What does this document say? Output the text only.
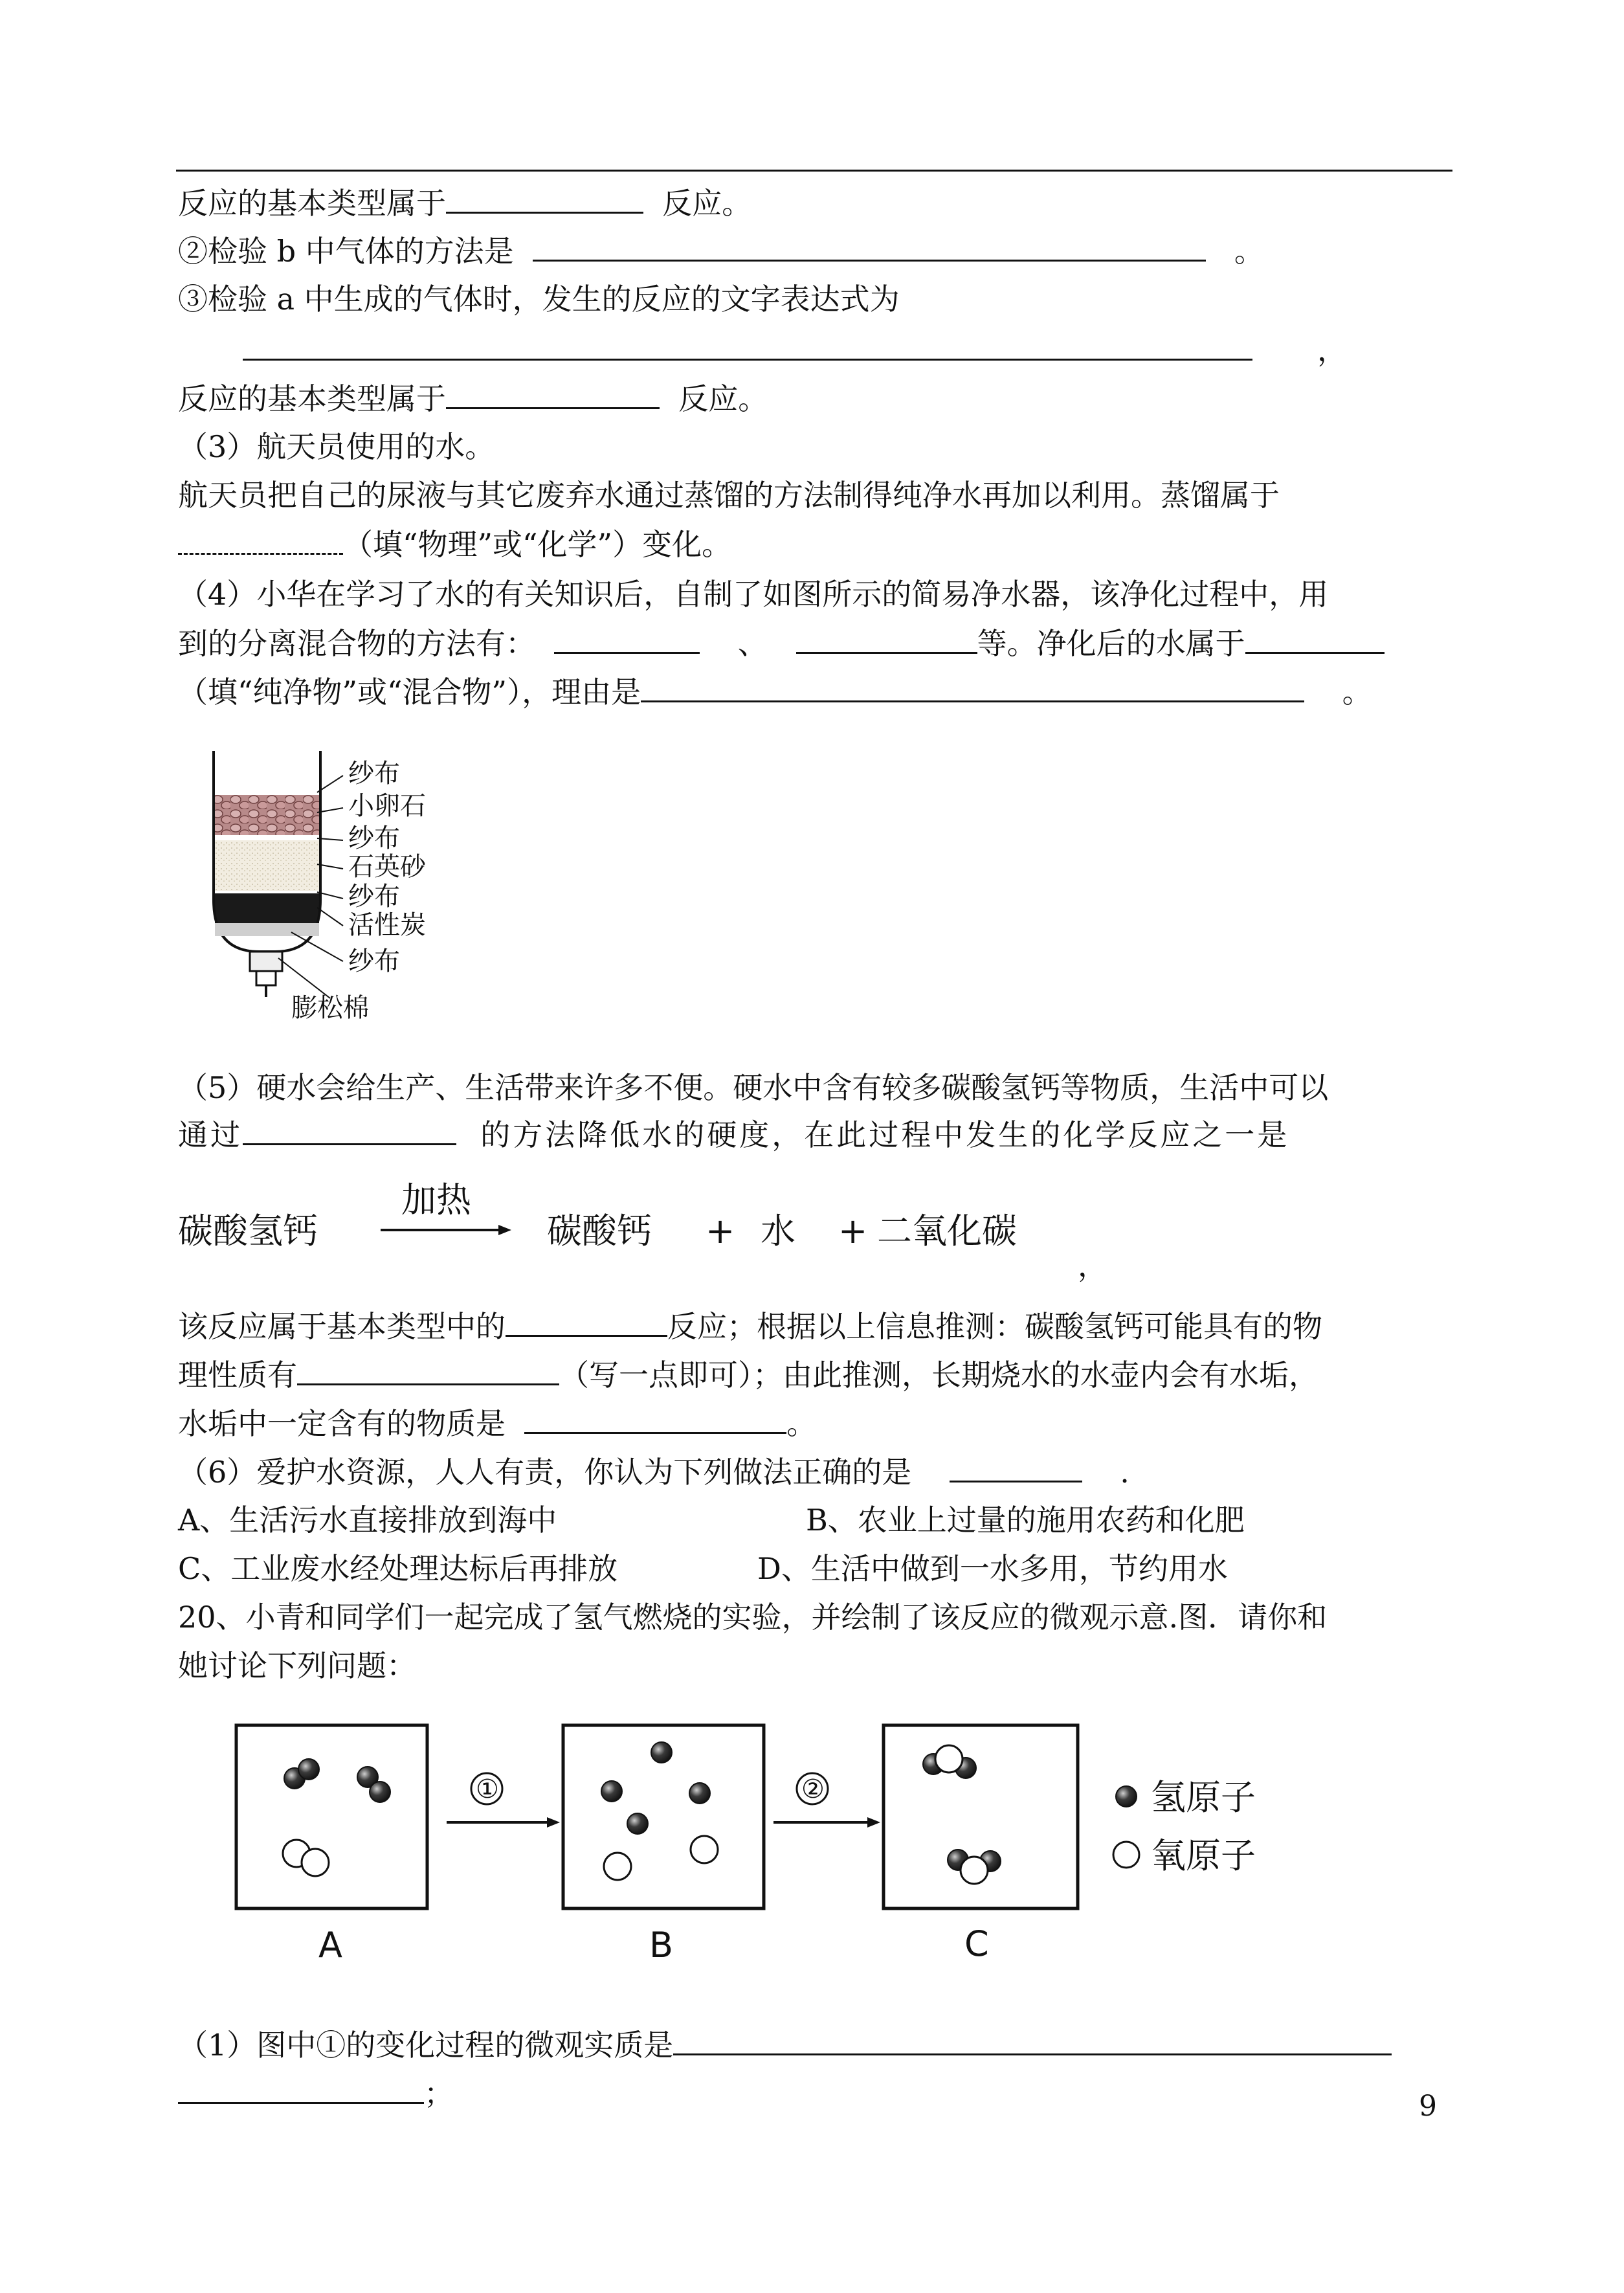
反应的基本类型属于	反应。
②检验 b 中气体的方法是	。
③检验 a 中生成的气体时，发生的反应的文字表达式为
，
反应的基本类型属于	反应。
（3）航天员使用的水。
航天员把自己的尿液与其它废弃水通过蒸馏的方法制得纯净水再加以利用。蒸馏属于
（填“物理”或“化学”）变化。
（4）小华在学习了水的有关知识后，自制了如图所示的简易净水器，该净化过程中，用
到的分离混合物的方法有：	、	等。净化后的水属于
（填“纯净物”或“混合物”），理由是	。
纱布
小卵石
纱布
石英砂
纱布
活性炭
纱布
膨松棉
（5）硬水会给生产、生活带来许多不便。硬水中含有较多碳酸氢钙等物质，生活中可以
通过	的方法降低水的硬度，在此过程中发生的化学反应之一是
碳酸氢钙
加热
碳酸钙 + 水 + 二氧化碳
，
该反应属于基本类型中的	反应；根据以上信息推测：碳酸氢钙可能具有的物
理性质有	（写一点即可）；由此推测，长期烧水的水壶内会有水垢，
水垢中一定含有的物质是	。
（6）爱护水资源，人人有责，你认为下列做法正确的是	.
A、生活污水直接排放到海中	B、农业上过量的施用农药和化肥
C、工业废水经处理达标后再排放	D、生活中做到一水多用，节约用水
20、小青和同学们一起完成了氢气燃烧的实验，并绘制了该反应的微观示意.图．请你和
她讨论下列问题：
A
①
B
②
C
氢原子
氧原子
（1）图中①的变化过程的微观实质是
；	9
